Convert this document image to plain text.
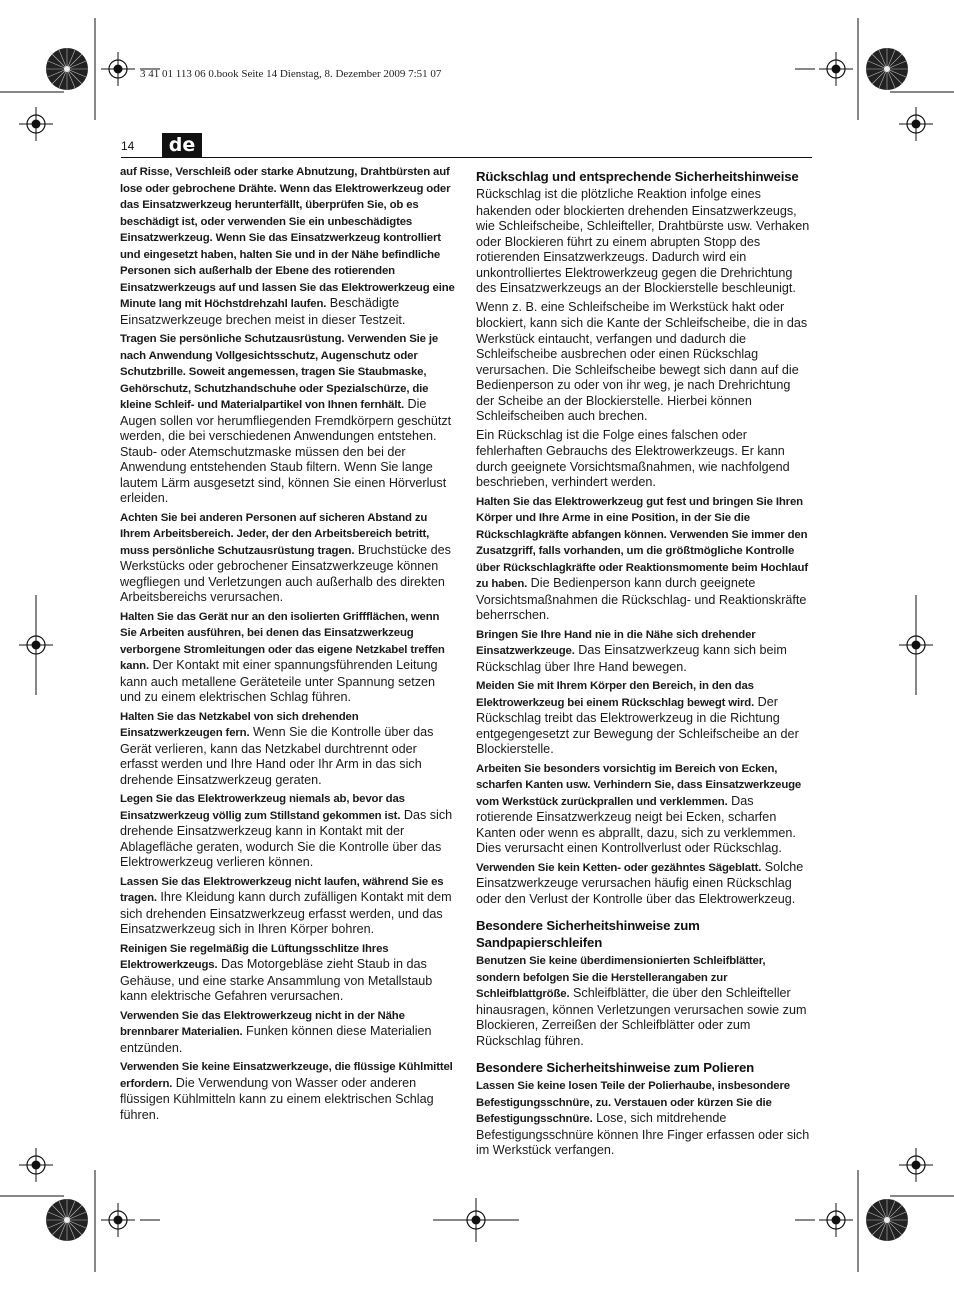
3 41 01 113 06 0.book Seite 14 Dienstag, 8. Dezember 2009 7:51 07
14	de

auf Risse, Verschleiß oder starke Abnutzung, Drahtbürsten auf lose oder gebrochene Drähte. Wenn das Elektrowerkzeug oder das Einsatzwerkzeug herunterfällt, überprüfen Sie, ob es beschädigt ist, oder verwenden Sie ein unbeschädigtes Einsatzwerkzeug. Wenn Sie das Einsatzwerkzeug kontrolliert und eingesetzt haben, halten Sie und in der Nähe befindliche Personen sich außerhalb der Ebene des rotierenden Einsatzwerkzeugs auf und lassen Sie das Elektrowerkzeug eine Minute lang mit Höchstdrehzahl laufen. Beschädigte Einsatzwerkzeuge brechen meist in dieser Testzeit.

Tragen Sie persönliche Schutzausrüstung. Verwenden Sie je nach Anwendung Vollgesichtsschutz, Augenschutz oder Schutzbrille. Soweit angemessen, tragen Sie Staubmaske, Gehörschutz, Schutzhandschuhe oder Spezialschürze, die kleine Schleif- und Materialpartikel von Ihnen fernhält. Die Augen sollen vor herumfliegenden Fremdkörpern geschützt werden, die bei verschiedenen Anwendungen entstehen. Staub- oder Atemschutzmaske müssen den bei der Anwendung entstehenden Staub filtern. Wenn Sie lange lautem Lärm ausgesetzt sind, können Sie einen Hörverlust erleiden.

Achten Sie bei anderen Personen auf sicheren Abstand zu Ihrem Arbeitsbereich. Jeder, der den Arbeitsbereich betritt, muss persönliche Schutzausrüstung tragen. Bruchstücke des Werkstücks oder gebrochener Einsatzwerkzeuge können wegfliegen und Verletzungen auch außerhalb des direkten Arbeitsbereichs verursachen.

Halten Sie das Gerät nur an den isolierten Griffflächen, wenn Sie Arbeiten ausführen, bei denen das Einsatzwerkzeug verborgene Stromleitungen oder das eigene Netzkabel treffen kann. Der Kontakt mit einer spannungsführenden Leitung kann auch metallene Geräteteile unter Spannung setzen und zu einem elektrischen Schlag führen.

Halten Sie das Netzkabel von sich drehenden Einsatzwerkzeugen fern. Wenn Sie die Kontrolle über das Gerät verlieren, kann das Netzkabel durchtrennt oder erfasst werden und Ihre Hand oder Ihr Arm in das sich drehende Einsatzwerkzeug geraten.

Legen Sie das Elektrowerkzeug niemals ab, bevor das Einsatzwerkzeug völlig zum Stillstand gekommen ist. Das sich drehende Einsatzwerkzeug kann in Kontakt mit der Ablagefläche geraten, wodurch Sie die Kontrolle über das Elektrowerkzeug verlieren können.

Lassen Sie das Elektrowerkzeug nicht laufen, während Sie es tragen. Ihre Kleidung kann durch zufälligen Kontakt mit dem sich drehenden Einsatzwerkzeug erfasst werden, und das Einsatzwerkzeug sich in Ihren Körper bohren.

Reinigen Sie regelmäßig die Lüftungsschlitze Ihres Elektrowerkzeugs. Das Motorgebläse zieht Staub in das Gehäuse, und eine starke Ansammlung von Metallstaub kann elektrische Gefahren verursachen.

Verwenden Sie das Elektrowerkzeug nicht in der Nähe brennbarer Materialien. Funken können diese Materialien entzünden.

Verwenden Sie keine Einsatzwerkzeuge, die flüssige Kühlmittel erfordern. Die Verwendung von Wasser oder anderen flüssigen Kühlmitteln kann zu einem elektrischen Schlag führen.

Rückschlag und entsprechende Sicherheitshinweise

Rückschlag ist die plötzliche Reaktion infolge eines hakenden oder blockierten drehenden Einsatzwerkzeugs, wie Schleifscheibe, Schleifteller, Drahtbürste usw. Verhaken oder Blockieren führt zu einem abrupten Stopp des rotierenden Einsatzwerkzeugs. Dadurch wird ein unkontrolliertes Elektrowerkzeug gegen die Drehrichtung des Einsatzwerkzeugs an der Blockierstelle beschleunigt.

Wenn z. B. eine Schleifscheibe im Werkstück hakt oder blockiert, kann sich die Kante der Schleifscheibe, die in das Werkstück eintaucht, verfangen und dadurch die Schleifscheibe ausbrechen oder einen Rückschlag verursachen. Die Schleifscheibe bewegt sich dann auf die Bedienperson zu oder von ihr weg, je nach Drehrichtung der Scheibe an der Blockierstelle. Hierbei können Schleifscheiben auch brechen.

Ein Rückschlag ist die Folge eines falschen oder fehlerhaften Gebrauchs des Elektrowerkzeugs. Er kann durch geeignete Vorsichtsmaßnahmen, wie nachfolgend beschrieben, verhindert werden.

Halten Sie das Elektrowerkzeug gut fest und bringen Sie Ihren Körper und Ihre Arme in eine Position, in der Sie die Rückschlagkräfte abfangen können. Verwenden Sie immer den Zusatzgriff, falls vorhanden, um die größtmögliche Kontrolle über Rückschlagkräfte oder Reaktionsmomente beim Hochlauf zu haben. Die Bedienperson kann durch geeignete Vorsichtsmaßnahmen die Rückschlag- und Reaktionskräfte beherrschen.

Bringen Sie Ihre Hand nie in die Nähe sich drehender Einsatzwerkzeuge. Das Einsatzwerkzeug kann sich beim Rückschlag über Ihre Hand bewegen.

Meiden Sie mit Ihrem Körper den Bereich, in den das Elektrowerkzeug bei einem Rückschlag bewegt wird. Der Rückschlag treibt das Elektrowerkzeug in die Richtung entgegengesetzt zur Bewegung der Schleifscheibe an der Blockierstelle.

Arbeiten Sie besonders vorsichtig im Bereich von Ecken, scharfen Kanten usw. Verhindern Sie, dass Einsatzwerkzeuge vom Werkstück zurückprallen und verklemmen. Das rotierende Einsatzwerkzeug neigt bei Ecken, scharfen Kanten oder wenn es abprallt, dazu, sich zu verklemmen. Dies verursacht einen Kontrollverlust oder Rückschlag.

Verwenden Sie kein Ketten- oder gezähntes Sägeblatt. Solche Einsatzwerkzeuge verursachen häufig einen Rückschlag oder den Verlust der Kontrolle über das Elektrowerkzeug.

Besondere Sicherheitshinweise zum Sandpapierschleifen

Benutzen Sie keine überdimensionierten Schleifblätter, sondern befolgen Sie die Herstellerangaben zur Schleifblattgröße. Schleifblätter, die über den Schleifteller hinausragen, können Verletzungen verursachen sowie zum Blockieren, Zerreißen der Schleifblätter oder zum Rückschlag führen.

Besondere Sicherheitshinweise zum Polieren

Lassen Sie keine losen Teile der Polierhaube, insbesondere Befestigungsschnüre, zu. Verstauen oder kürzen Sie die Befestigungsschnüre. Lose, sich mitdrehende Befestigungsschnüre können Ihre Finger erfassen oder sich im Werkstück verfangen.
